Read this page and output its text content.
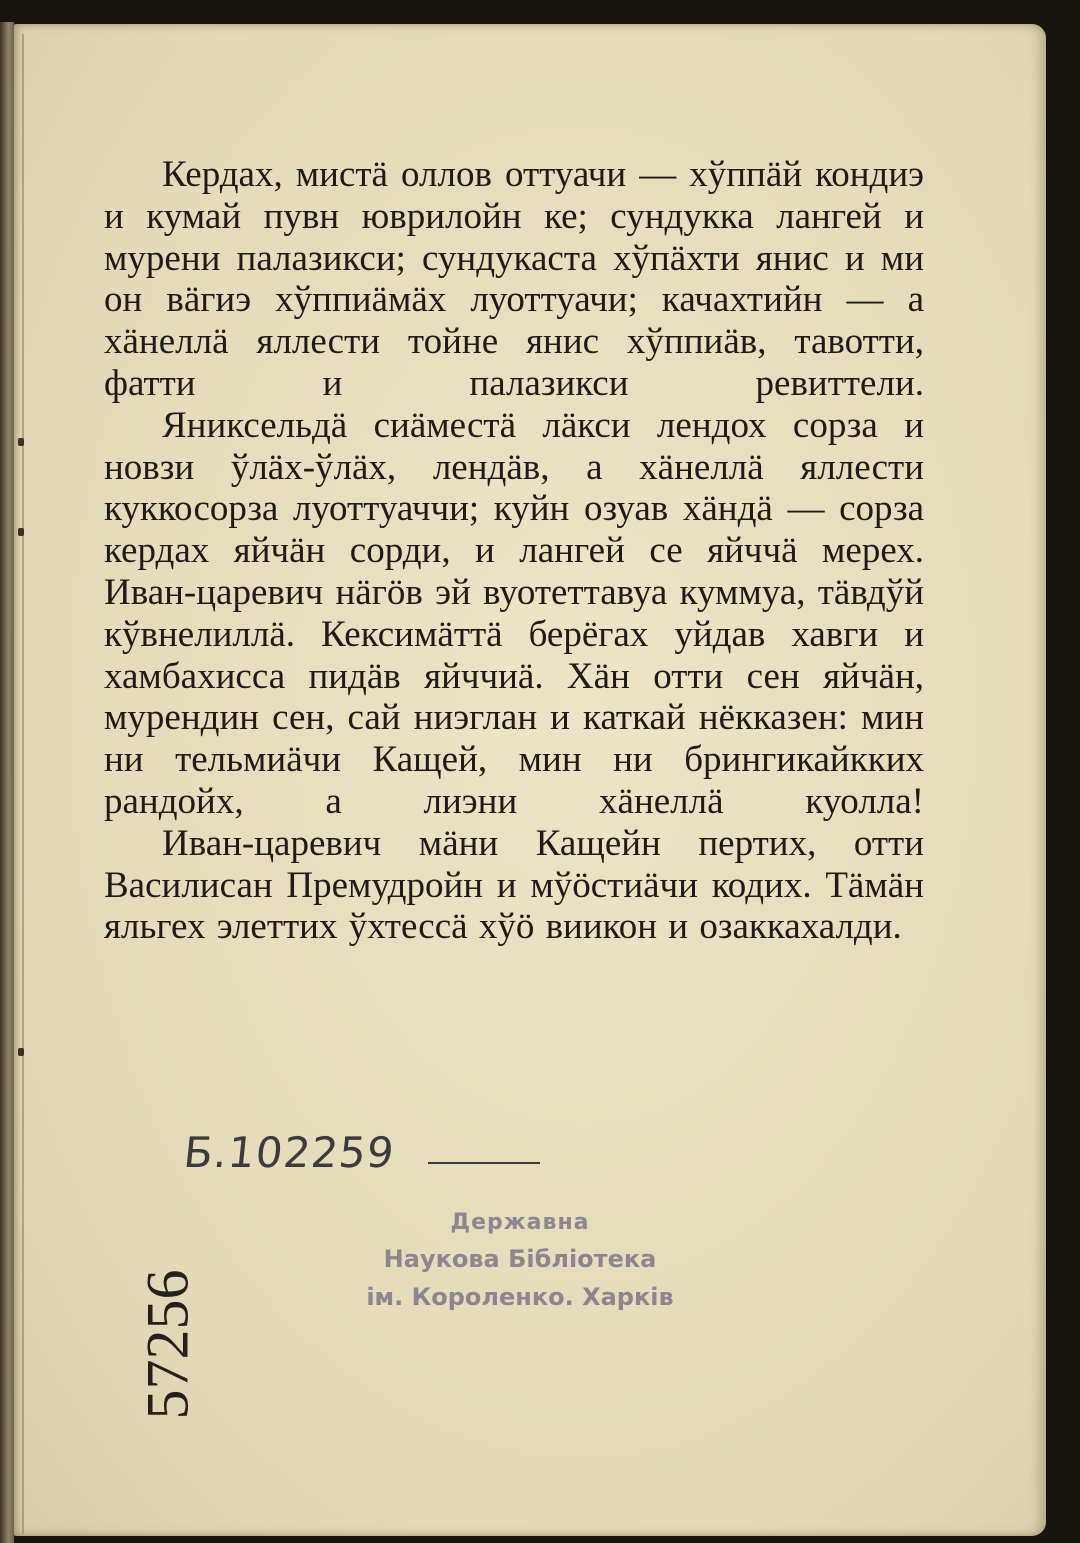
Кердах, мистä оллов оттуачи — хўппäй кондиэ и кумай пувн юврилойн ке; сундукка лангей и мурени палазикси; сундукаста хўпäхти янис и ми он вäгиэ хўппиäмäх луоттуачи; качахтийн — а хäнеллä яллести тойне янис хўппиäв, тавотти, фатти и палазикси ревиттели.

Яниксельдä сиäместä лäкси лендох сорза и новзи ўлäх-ўлäх, лендäв, а хäнеллä яллести куккосорза луоттуаччи; куйн озуав хäндä — сорза кердах яйчäн сорди, и лангей се яйччä мерех. Иван-царевич нäгöв эй вуотеттавуа куммуа, тäвдўй кўвнелиллä. Кексимäттä берёгах уйдав хавги и хамбахисса пидäв яйччиä. Хäн отти сен яйчäн, мурендин сен, сай ниэглан и каткай нёкказен: мин ни тельмиäчи Кащей, мин ни брингикайкких рандойх, а лиэни хäнеллä куолла!

Иван-царевич мäни Кащейн пертих, отти Василисан Премудройн и мўöстиäчи кодих. Тäмäн яльгех элеттих ўхтессä хўö виикон и озаккахалди.

Б.102259

Державна
Наукова Бібліотека
ім. Короленко. Харків

57256
